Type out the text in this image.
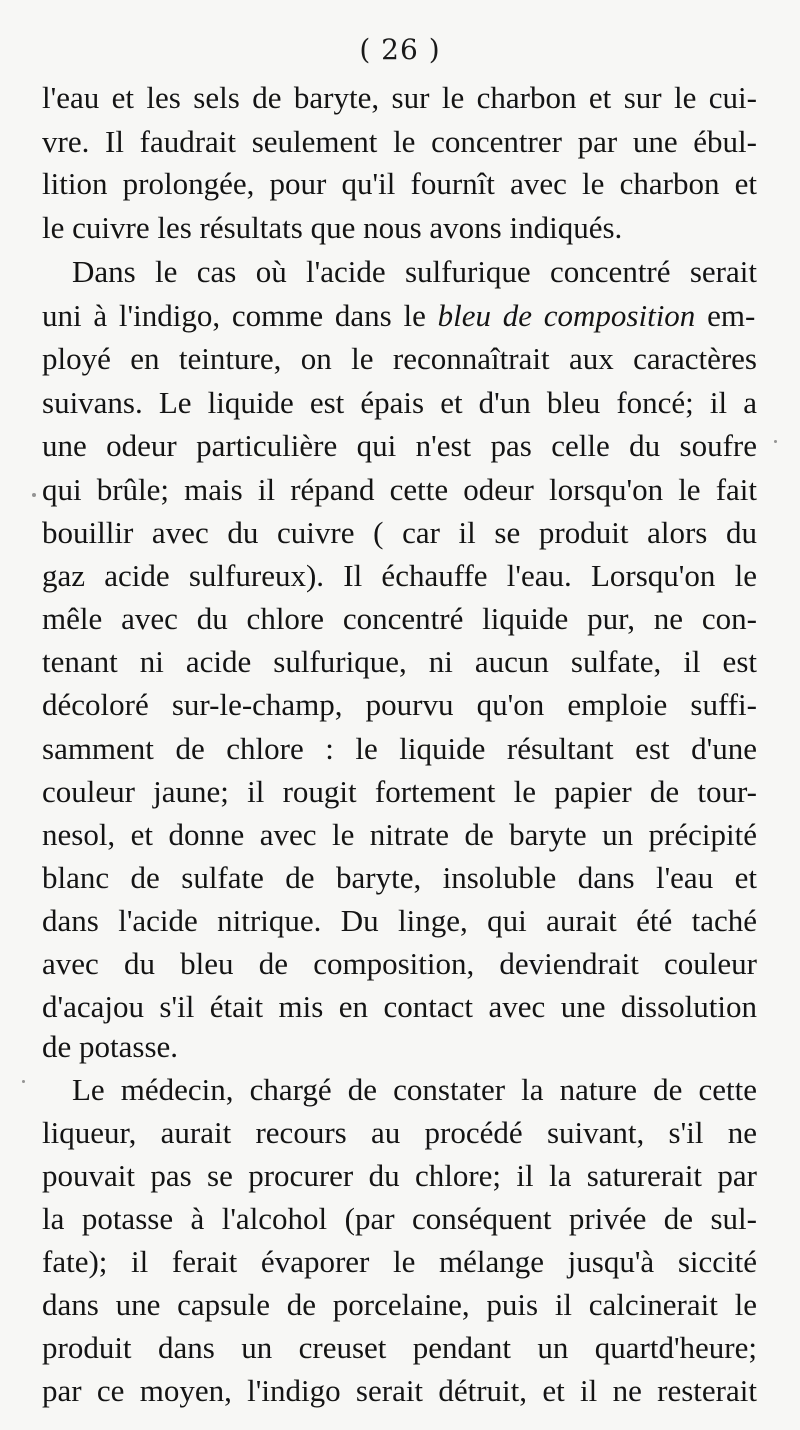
( 26 )
l'eau et les sels de baryte, sur le charbon et sur le cui-
vre. Il faudrait seulement le concentrer par une ébul-
lition prolongée, pour qu'il fournît avec le charbon et
le cuivre les résultats que nous avons indiqués.
Dans le cas où l'acide sulfurique concentré serait
uni à l'indigo, comme dans le bleu de composition em-
ployé en teinture, on le reconnaîtrait aux caractères
suivans. Le liquide est épais et d'un bleu foncé; il a
une odeur particulière qui n'est pas celle du soufre
qui brûle; mais il répand cette odeur lorsqu'on le fait
bouillir avec du cuivre ( car il se produit alors du
gaz acide sulfureux). Il échauffe l'eau. Lorsqu'on le
mêle avec du chlore concentré liquide pur, ne con-
tenant ni acide sulfurique, ni aucun sulfate, il est
décoloré sur-le-champ, pourvu qu'on emploie suffi-
samment de chlore : le liquide résultant est d'une
couleur jaune; il rougit fortement le papier de tour-
nesol, et donne avec le nitrate de baryte un précipité
blanc de sulfate de baryte, insoluble dans l'eau et
dans l'acide nitrique. Du linge, qui aurait été taché
avec du bleu de composition, deviendrait couleur
d'acajou s'il était mis en contact avec une dissolution
de potasse.
Le médecin, chargé de constater la nature de cette
liqueur, aurait recours au procédé suivant, s'il ne
pouvait pas se procurer du chlore; il la saturerait par
la potasse à l'alcohol (par conséquent privée de sul-
fate); il ferait évaporer le mélange jusqu'à siccité
dans une capsule de porcelaine, puis il calcinerait le
produit dans un creuset pendant un quartd'heure;
par ce moyen, l'indigo serait détruit, et il ne resterait
